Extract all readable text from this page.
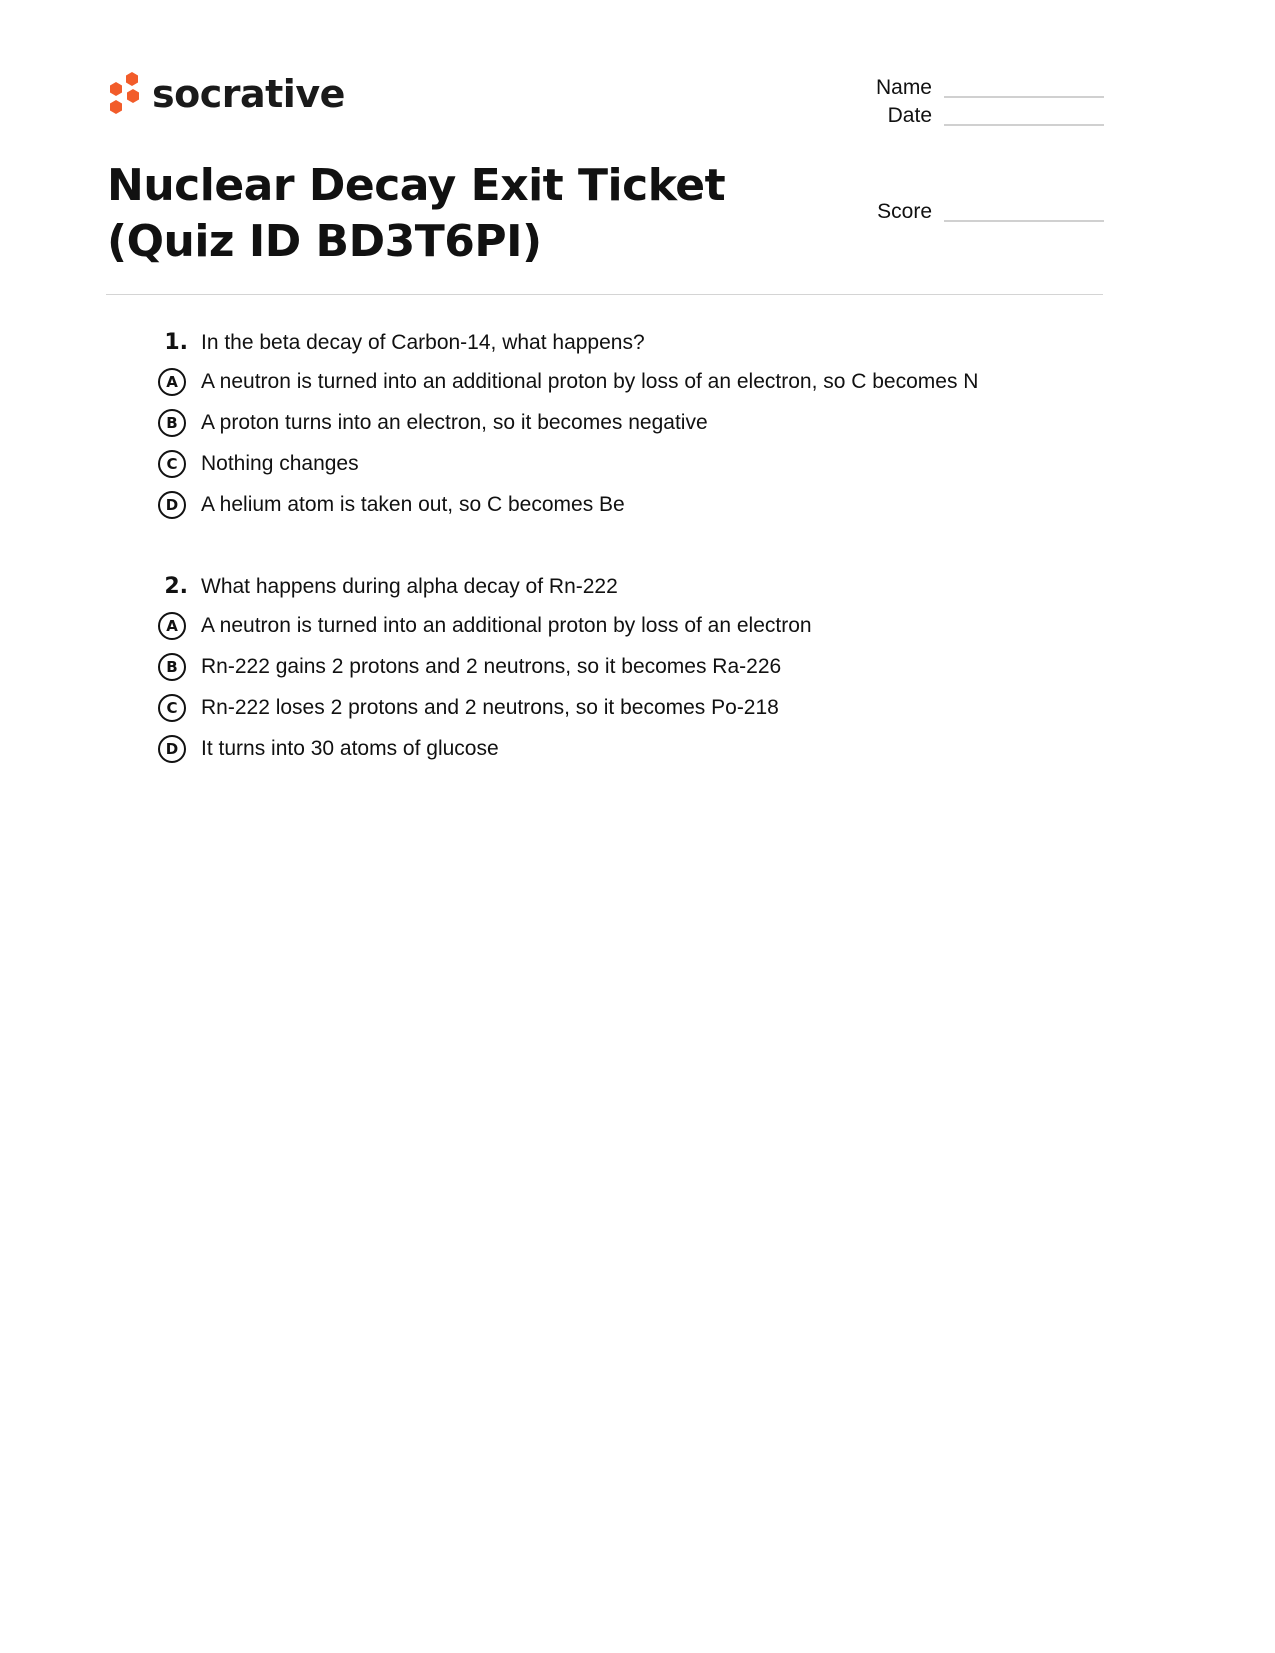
socrative	Name
Date
Score
Nuclear Decay Exit Ticket (Quiz ID BD3T6PI)
1. In the beta decay of Carbon-14, what happens?
A	A neutron is turned into an additional proton by loss of an electron, so C becomes N
B	A proton turns into an electron, so it becomes negative
C	Nothing changes
D	A helium atom is taken out, so C becomes Be
2. What happens during alpha decay of Rn-222
A	A neutron is turned into an additional proton by loss of an electron
B	Rn-222 gains 2 protons and 2 neutrons, so it becomes Ra-226
C	Rn-222 loses 2 protons and 2 neutrons, so it becomes Po-218
D	It turns into 30 atoms of glucose
